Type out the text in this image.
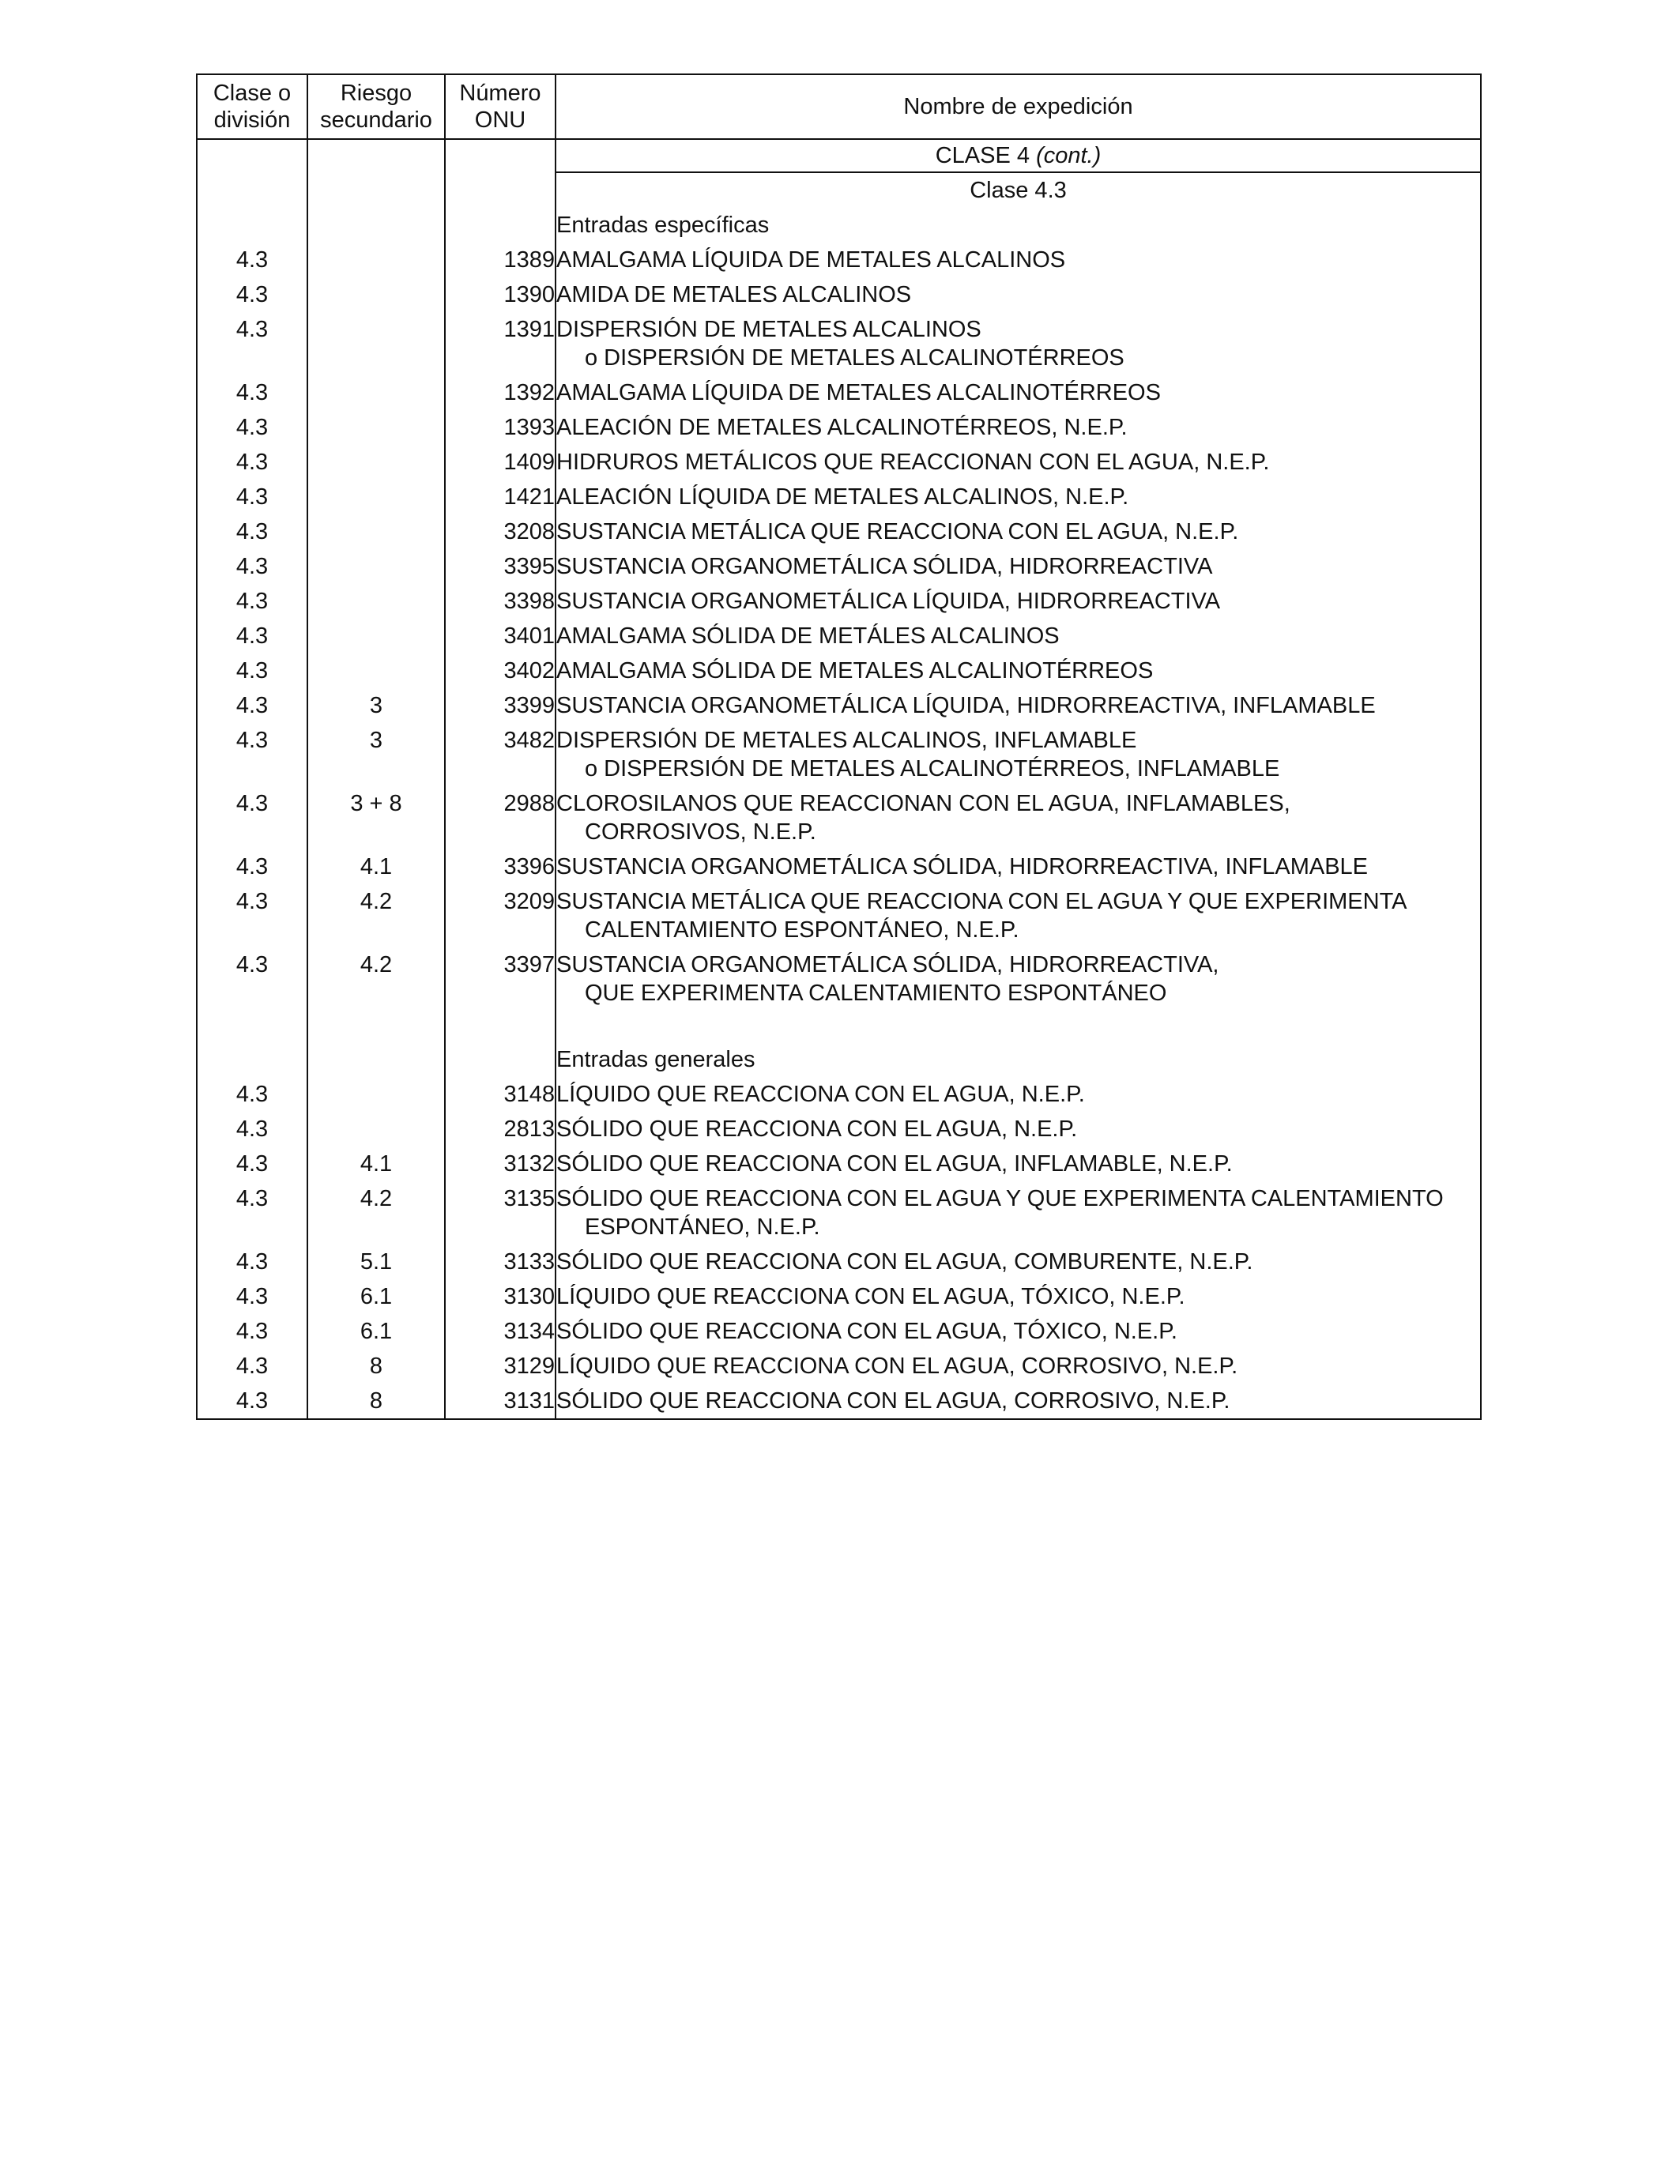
Clase o división	Riesgo secundario	Número ONU	Nombre de expedición
			CLASE 4 (cont.)
			Clase 4.3
			Entradas específicas
4.3		1389	AMALGAMA LÍQUIDA DE METALES ALCALINOS
4.3		1390	AMIDA DE METALES ALCALINOS
4.3		1391	DISPERSIÓN DE METALES ALCALINOS
o DISPERSIÓN DE METALES ALCALINOTÉRREOS

4.3		1392	AMALGAMA LÍQUIDA DE METALES ALCALINOTÉRREOS
4.3		1393	ALEACIÓN DE METALES ALCALINOTÉRREOS, N.E.P.
4.3		1409	HIDRUROS METÁLICOS QUE REACCIONAN CON EL AGUA, N.E.P.
4.3		1421	ALEACIÓN LÍQUIDA DE METALES ALCALINOS, N.E.P.
4.3		3208	SUSTANCIA METÁLICA QUE REACCIONA CON EL AGUA, N.E.P.
4.3		3395	SUSTANCIA ORGANOMETÁLICA SÓLIDA, HIDRORREACTIVA
4.3		3398	SUSTANCIA ORGANOMETÁLICA LÍQUIDA, HIDRORREACTIVA
4.3		3401	AMALGAMA SÓLIDA DE METÁLES ALCALINOS
4.3		3402	AMALGAMA SÓLIDA DE METALES ALCALINOTÉRREOS
4.3	3	3399	SUSTANCIA ORGANOMETÁLICA LÍQUIDA, HIDRORREACTIVA, INFLAMABLE
4.3	3	3482	DISPERSIÓN DE METALES ALCALINOS, INFLAMABLE
o DISPERSIÓN DE METALES ALCALINOTÉRREOS, INFLAMABLE

4.3	3 + 8	2988	CLOROSILANOS QUE REACCIONAN CON EL AGUA, INFLAMABLES,
CORROSIVOS, N.E.P.

4.3	4.1	3396	SUSTANCIA ORGANOMETÁLICA SÓLIDA, HIDRORREACTIVA, INFLAMABLE
4.3	4.2	3209	SUSTANCIA METÁLICA QUE REACCIONA CON EL AGUA Y QUE EXPERIMENTA
CALENTAMIENTO ESPONTÁNEO, N.E.P.

4.3	4.2	3397	SUSTANCIA ORGANOMETÁLICA SÓLIDA, HIDRORREACTIVA,
QUE EXPERIMENTA CALENTAMIENTO ESPONTÁNEO

			Entradas generales
4.3		3148	LÍQUIDO QUE REACCIONA CON EL AGUA, N.E.P.
4.3		2813	SÓLIDO QUE REACCIONA CON EL AGUA, N.E.P.
4.3	4.1	3132	SÓLIDO QUE REACCIONA CON EL AGUA, INFLAMABLE, N.E.P.
4.3	4.2	3135	SÓLIDO QUE REACCIONA CON EL AGUA Y QUE EXPERIMENTA CALENTAMIENTO
ESPONTÁNEO, N.E.P.

4.3	5.1	3133	SÓLIDO QUE REACCIONA CON EL AGUA, COMBURENTE, N.E.P.
4.3	6.1	3130	LÍQUIDO QUE REACCIONA CON EL AGUA, TÓXICO, N.E.P.
4.3	6.1	3134	SÓLIDO QUE REACCIONA CON EL AGUA, TÓXICO, N.E.P.
4.3	8	3129	LÍQUIDO QUE REACCIONA CON EL AGUA, CORROSIVO, N.E.P.
4.3	8	3131	SÓLIDO QUE REACCIONA CON EL AGUA, CORROSIVO, N.E.P.
